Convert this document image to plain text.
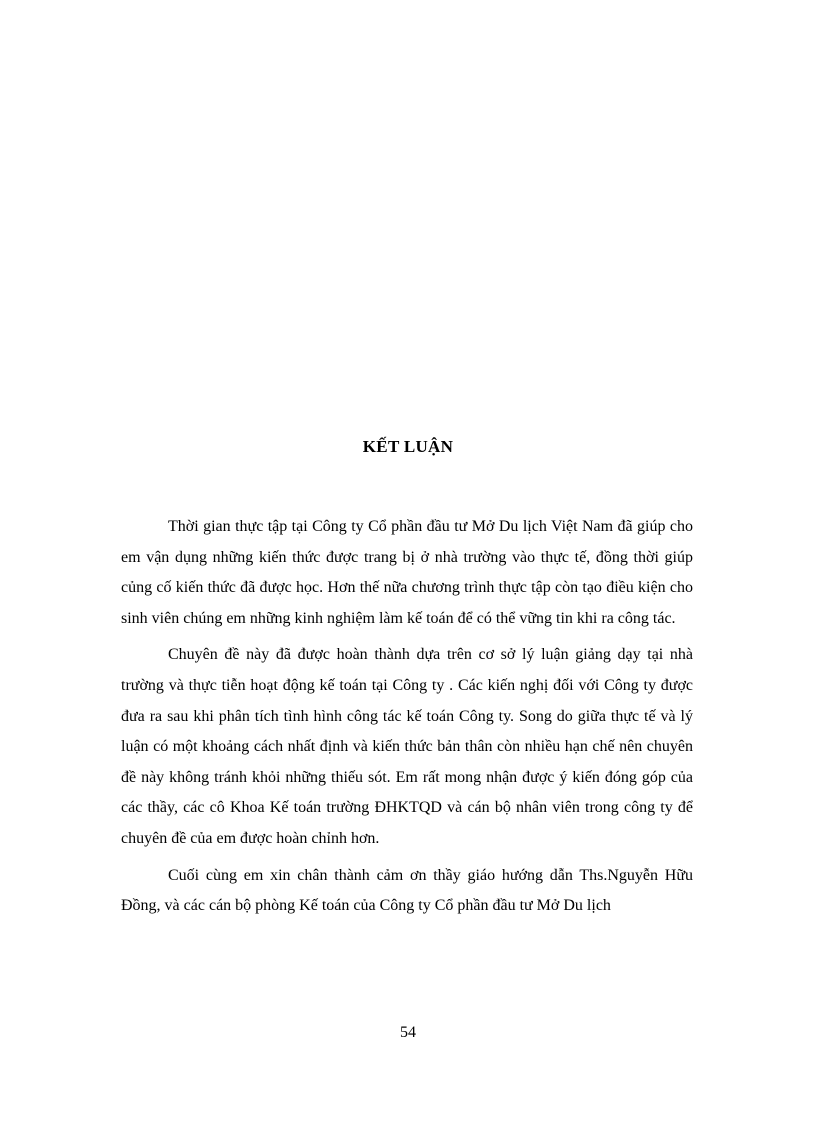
KẾT LUẬN

Thời gian thực tập tại Công ty Cổ phần đầu tư Mở Du lịch Việt Nam đã giúp cho em vận dụng những kiến thức được trang bị ở nhà trường vào thực tế, đồng thời giúp củng cố kiến thức đã được học. Hơn thế nữa chương trình thực tập còn tạo điều kiện cho sinh viên chúng em những kinh nghiệm làm kế toán để có thể vững tin khi ra công tác.

Chuyên đề này đã được hoàn thành dựa trên cơ sở lý luận giảng dạy tại nhà trường và thực tiễn hoạt động kế toán tại Công ty . Các kiến nghị đối với Công ty được đưa ra sau khi phân tích tình hình công tác kế toán Công ty. Song do giữa thực tế và lý luận có một khoảng cách nhất định và kiến thức bản thân còn nhiều hạn chế nên chuyên đề này không tránh khỏi những thiếu sót. Em rất mong nhận được ý kiến đóng góp của các thầy, các cô Khoa Kế toán trường ĐHKTQD và cán bộ nhân viên trong công ty để chuyên đề của em được hoàn chỉnh hơn.

Cuối cùng em xin chân thành cảm ơn thầy giáo hướng dẫn Ths.Nguyễn Hữu Đồng, và các cán bộ phòng Kế toán của Công ty Cổ phần đầu tư Mở Du lịch

54
